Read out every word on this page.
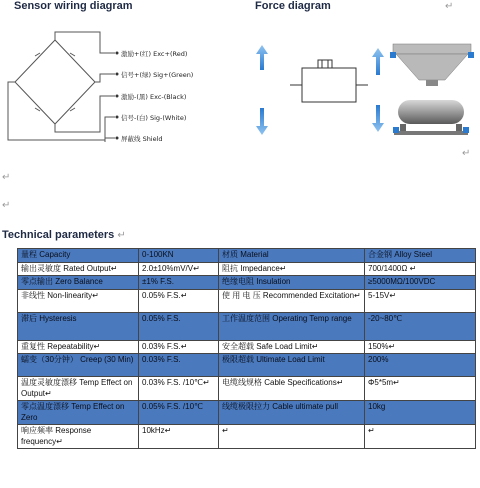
Sensor wiring diagram	Force diagram	↵
激励+(红) Exc+(Red)
信号+(绿) Sig+(Green)
激励-(黑) Exc-(Black)
信号-(白) Sig-(White)
屏蔽线 Shield
↵
↵
↵
Technical parameters ↵
量程 Capacity	0-100KN	材质 Material	合金钢 Alloy Steel
输出灵敏度 Rated Output↵	2.0±10%mV/V↵	阻抗 Impedance↵	700/1400Ω ↵
零点输出 Zero Balance	±1% F.S.	绝缘电阻 Insulation	≥5000MΩ/100VDC
非线性 Non-linearity↵	0.05% F.S.↵	使 用 电 压 Recommended Excitation↵	5-15V↵
滞后 Hysteresis	0.05% F.S.	工作温度范围 Operating Temp range	-20~80℃
重复性 Repeatability↵	0.03% F.S.↵	安全超载 Safe Load Limit↵	150%↵
蠕变（30分钟） Creep (30 Min)	0.03% F.S.	极限超载 Ultimate Load Limit	200%
温度灵敏度漂移 Temp Effect on Output↵	0.03% F.S. /10℃↵	电缆线规格 Cable Specifications↵	Φ5*5m↵
零点温度漂移 Temp Effect on Zero	0.05% F.S. /10℃	线缆极限拉力 Cable ultimate pull	10kg
响应频率 Response frequency↵	10kHz↵	↵	↵
